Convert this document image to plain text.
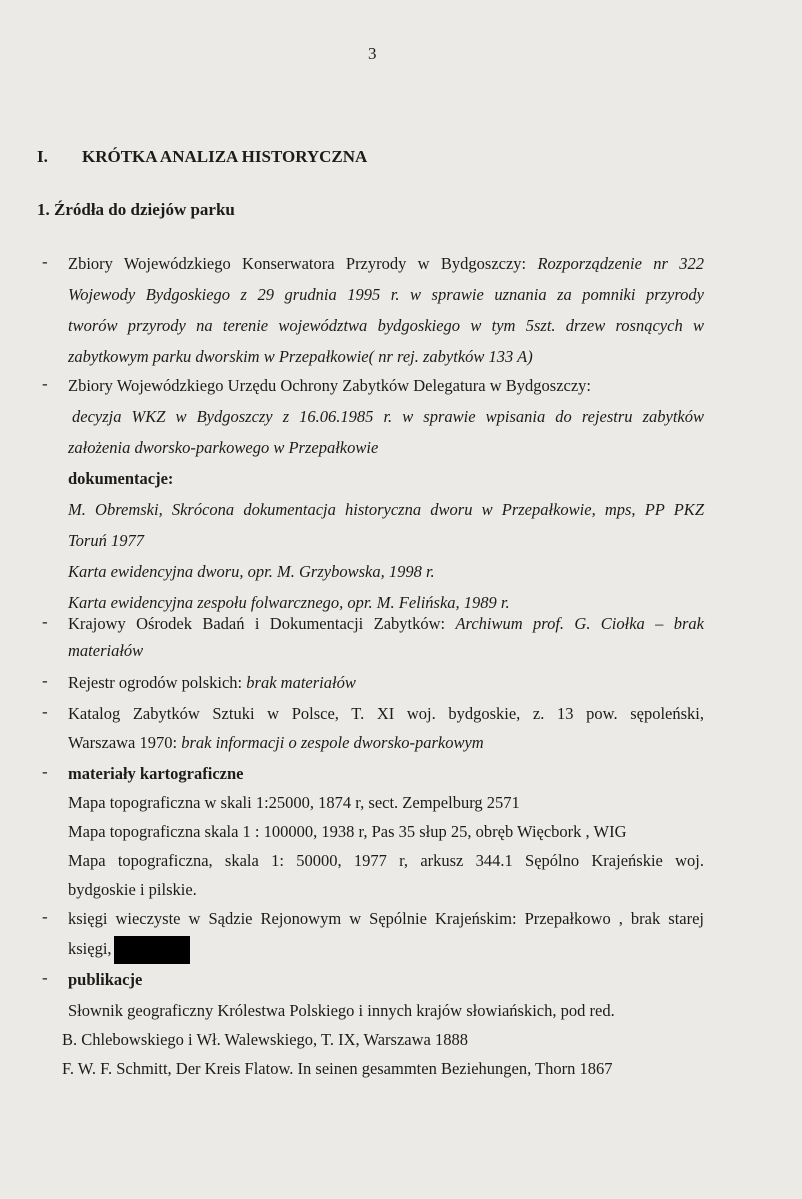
3
I. KRÓTKA ANALIZA HISTORYCZNA
1. Źródła do dziejów parku
- Zbiory Wojewódzkiego Konserwatora Przyrody w Bydgoszczy: Rozporządzenie nr 322
Wojewody Bydgoskiego z 29 grudnia 1995 r. w sprawie uznania za pomniki przyrody
tworów przyrody na terenie województwa bydgoskiego w tym 5szt. drzew rosnących w
zabytkowym parku dworskim w Przepałkowie( nr rej. zabytków 133 A)
- Zbiory Wojewódzkiego Urzędu Ochrony Zabytków Delegatura w Bydgoszczy:
decyzja WKZ w Bydgoszczy z 16.06.1985 r. w sprawie wpisania do rejestru zabytków
założenia dworsko-parkowego w Przepałkowie
dokumentacje:
M. Obremski, Skrócona dokumentacja historyczna dworu w Przepałkowie, mps, PP PKZ
Toruń 1977
Karta ewidencyjna dworu, opr. M. Grzybowska, 1998 r.
Karta ewidencyjna zespołu folwarcznego, opr. M. Felińska, 1989 r.
- Krajowy Ośrodek Badań i Dokumentacji Zabytków: Archiwum prof. G. Ciołka – brak
materiałów
- Rejestr ogrodów polskich: brak materiałów
- Katalog Zabytków Sztuki w Polsce, T. XI woj. bydgoskie, z. 13 pow. sępoleński,
Warszawa 1970: brak informacji o zespole dworsko-parkowym
- materiały kartograficzne
Mapa topograficzna w skali 1:25000, 1874 r, sect. Zempelburg 2571
Mapa topograficzna skala 1 : 100000, 1938 r, Pas 35 słup 25, obręb Więcbork , WIG
Mapa topograficzna, skala 1: 50000, 1977 r, arkusz 344.1 Sępólno Krajeńskie woj.
bydgoskie i pilskie.
- księgi wieczyste w Sądzie Rejonowym w Sępólnie Krajeńskim: Przepałkowo , brak starej
księgi,
- publikacje
Słownik geograficzny Królestwa Polskiego i innych krajów słowiańskich, pod red.
B. Chlebowskiego i Wł. Walewskiego, T. IX, Warszawa 1888
F. W. F. Schmitt, Der Kreis Flatow. In seinen gesammten Beziehungen, Thorn 1867
